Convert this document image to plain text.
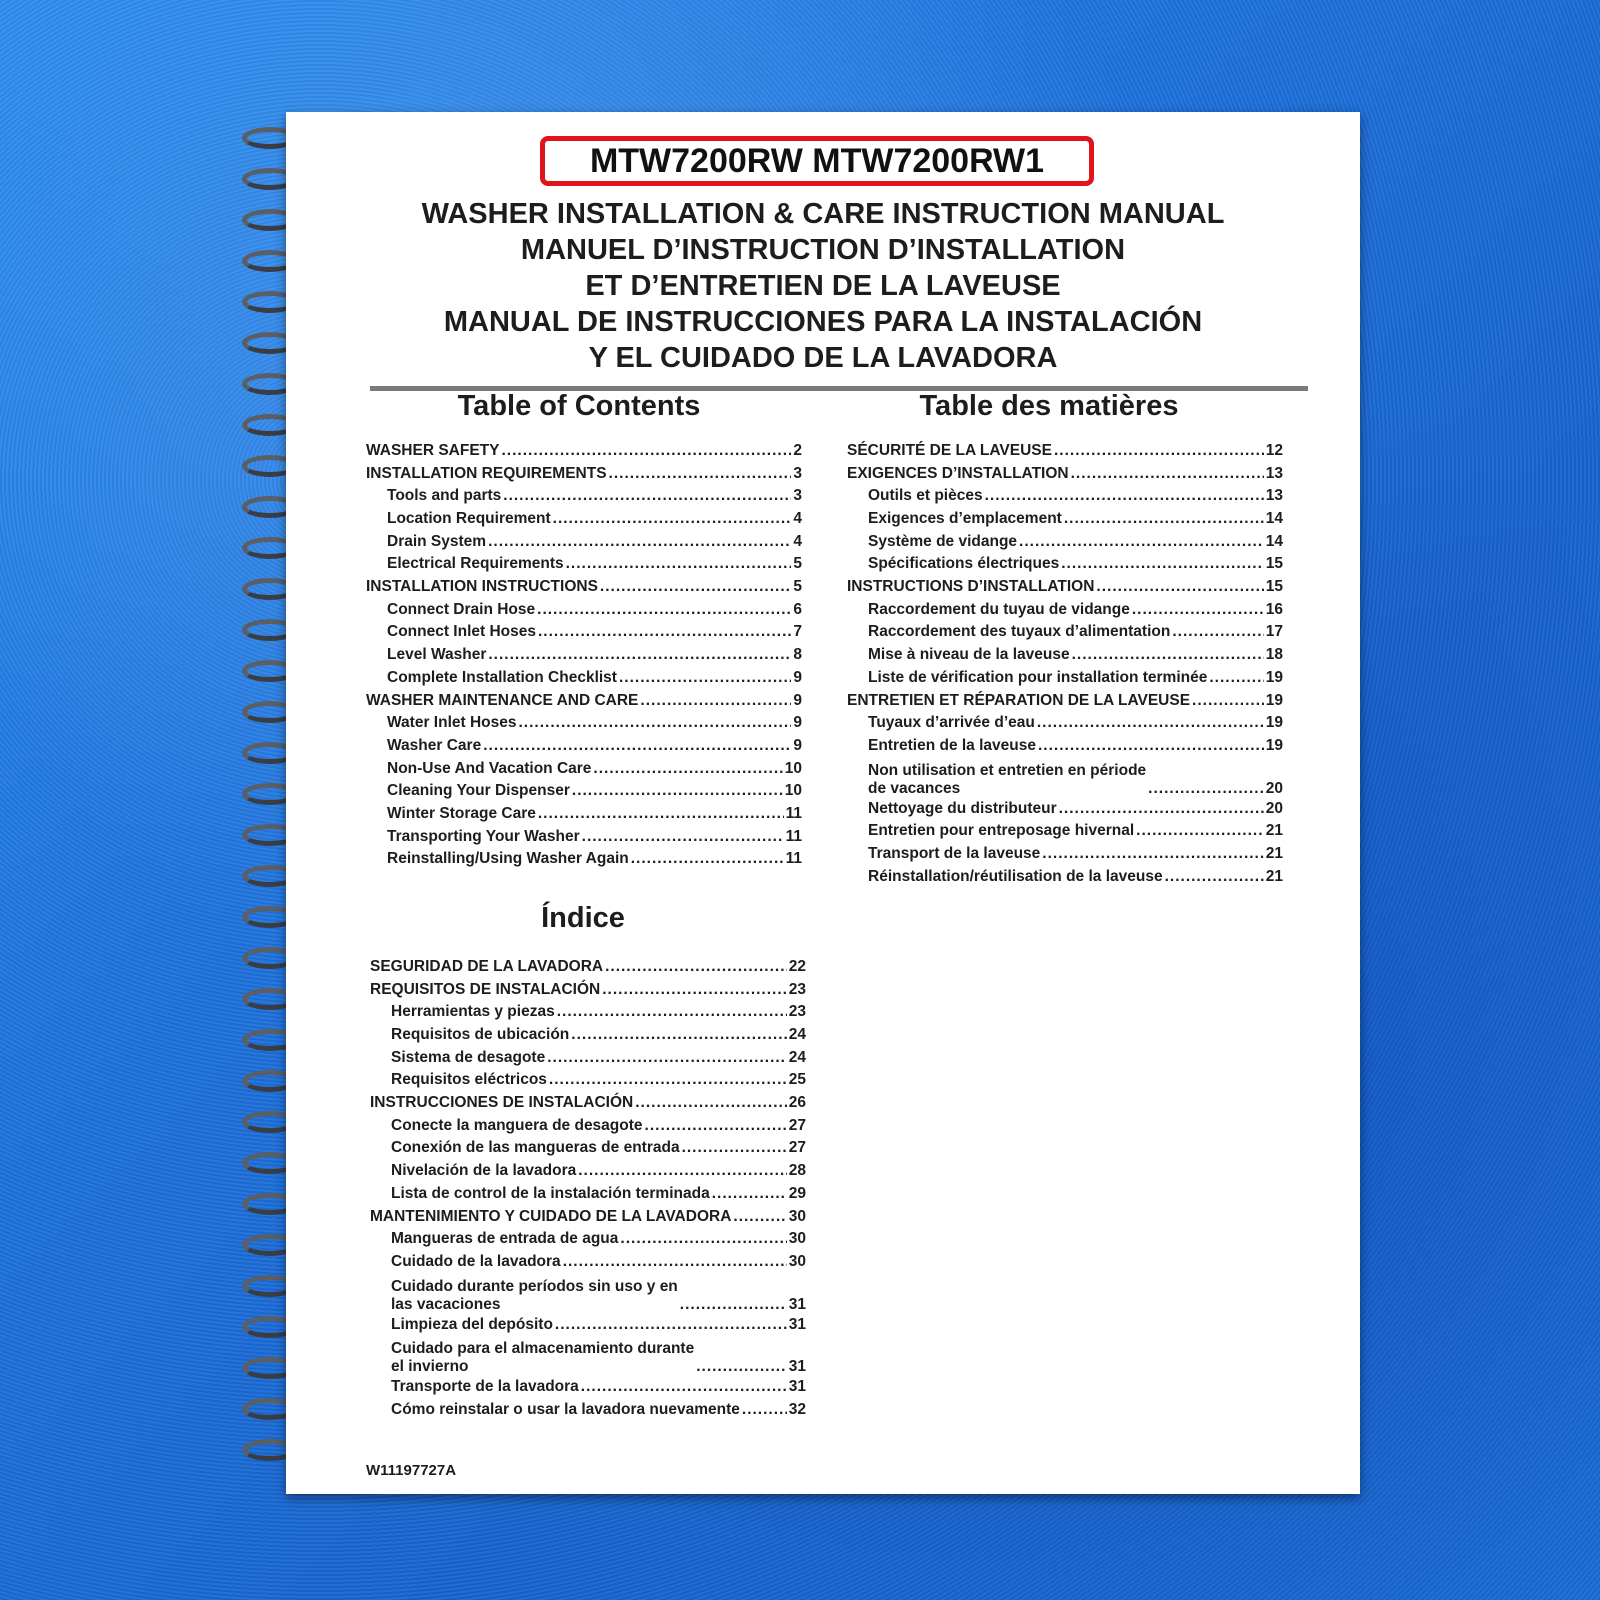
MTW7200RW MTW7200RW1
WASHER INSTALLATION & CARE INSTRUCTION MANUAL
MANUEL D’INSTRUCTION D’INSTALLATION
ET D’ENTRETIEN DE LA LAVEUSE
MANUAL DE INSTRUCCIONES PARA LA INSTALACIÓN
Y EL CUIDADO DE LA LAVADORA
Table of Contents
WASHER SAFETY .....	2
INSTALLATION REQUIREMENTS .....	3
Tools and parts .....	3
Location Requirement .....	4
Drain System .....	4
Electrical Requirements .....	5
INSTALLATION INSTRUCTIONS .....	5
Connect Drain Hose .....	6
Connect Inlet Hoses .....	7
Level Washer .....	8
Complete Installation Checklist .....	9
WASHER MAINTENANCE AND CARE .....	9
Water Inlet Hoses .....	9
Washer Care .....	9
Non-Use And Vacation Care .....	10
Cleaning Your Dispenser .....	10
Winter Storage Care .....	11
Transporting Your Washer .....	11
Reinstalling/Using Washer Again .....	11
Table des matières
SÉCURITÉ DE LA LAVEUSE .....	12
EXIGENCES D’INSTALLATION .....	13
Outils et pièces .....	13
Exigences d’emplacement .....	14
Système de vidange .....	14
Spécifications électriques .....	15
INSTRUCTIONS D’INSTALLATION .....	15
Raccordement du tuyau de vidange .....	16
Raccordement des tuyaux d’alimentation .....	17
Mise à niveau de la laveuse .....	18
Liste de vérification pour installation terminée .....	19
ENTRETIEN ET RÉPARATION DE LA LAVEUSE .....	19
Tuyaux d’arrivée d’eau .....	19
Entretien de la laveuse .....	19
Non utilisation et entretien en période
de vacances .....	20
Nettoyage du distributeur .....	20
Entretien pour entreposage hivernal .....	21
Transport de la laveuse .....	21
Réinstallation/réutilisation de la laveuse .....	21
Índice
SEGURIDAD DE LA LAVADORA .....	22
REQUISITOS DE INSTALACIÓN .....	23
Herramientas y piezas .....	23
Requisitos de ubicación .....	24
Sistema de desagote .....	24
Requisitos eléctricos .....	25
INSTRUCCIONES DE INSTALACIÓN .....	26
Conecte la manguera de desagote .....	27
Conexión de las mangueras de entrada .....	27
Nivelación de la lavadora .....	28
Lista de control de la instalación terminada .....	29
MANTENIMIENTO Y CUIDADO DE LA LAVADORA .....	30
Mangueras de entrada de agua .....	30
Cuidado de la lavadora .....	30
Cuidado durante períodos sin uso y en
las vacaciones .....	31
Limpieza del depósito .....	31
Cuidado para el almacenamiento durante
el invierno .....	31
Transporte de la lavadora .....	31
Cómo reinstalar o usar la lavadora nuevamente .....	32
W11197727A
